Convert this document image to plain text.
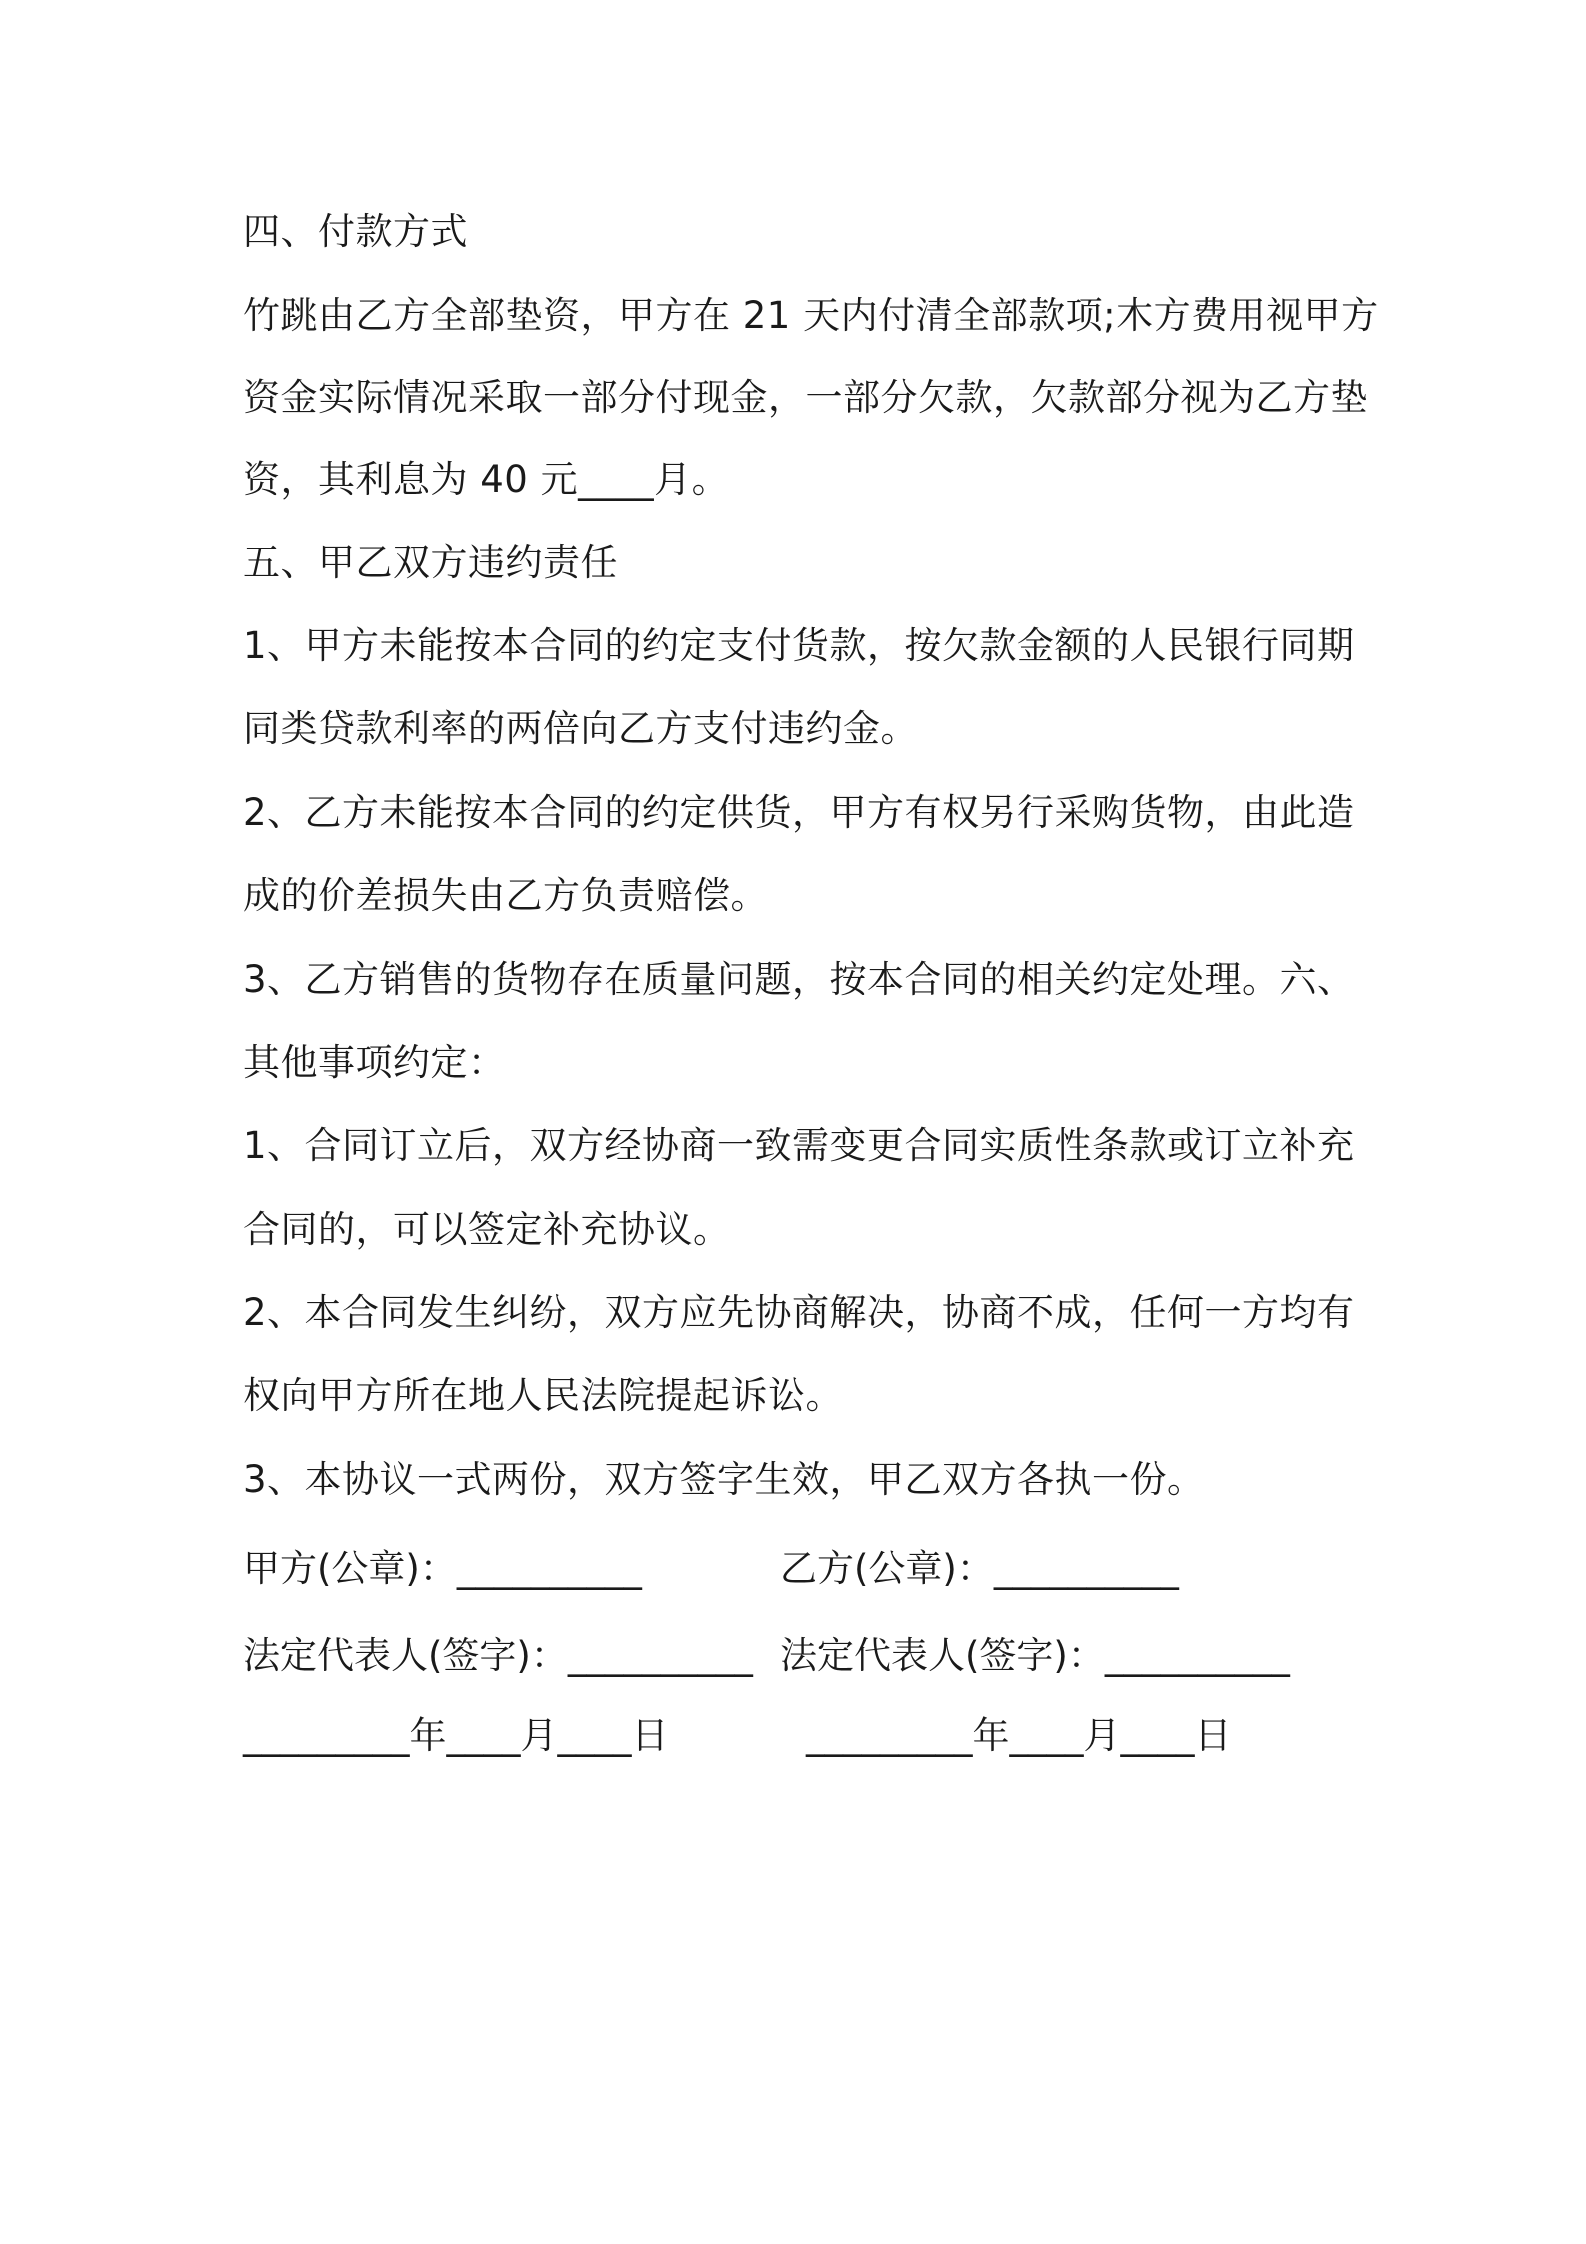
四、付款方式
竹跳由乙方全部垫资，甲方在 21 天内付清全部款项;木方费用视甲方
资金实际情况采取一部分付现金，一部分欠款，欠款部分视为乙方垫
资，其利息为 40 元____月。
五、甲乙双方违约责任
1、甲方未能按本合同的约定支付货款，按欠款金额的人民银行同期
同类贷款利率的两倍向乙方支付违约金。
2、乙方未能按本合同的约定供货，甲方有权另行采购货物，由此造
成的价差损失由乙方负责赔偿。
3、乙方销售的货物存在质量问题，按本合同的相关约定处理。六、
其他事项约定：
1、合同订立后，双方经协商一致需变更合同实质性条款或订立补充
合同的，可以签定补充协议。
2、本合同发生纠纷，双方应先协商解决，协商不成，任何一方均有
权向甲方所在地人民法院提起诉讼。
3、本协议一式两份，双方签字生效，甲乙双方各执一份。
甲方(公章)：__________	乙方(公章)：__________
法定代表人(签字)：__________ 法定代表人(签字)：__________
_________年____月____日	_________年____月____日
